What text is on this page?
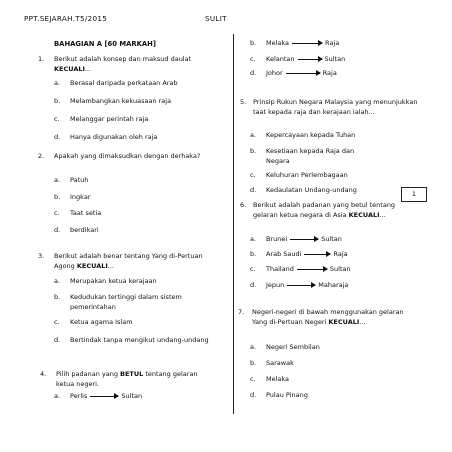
PPT.SEJARAH.T5/2015	SULIT
BAHAGIAN A [60 MARKAH]
1. Berikut adalah konsep dan maksud daulat KECUALI...
a. Berasal daripada perkataan Arab
b. Melambangkan kekuasaan raja
c. Melanggar perintah raja
d. Hanya digunakan oleh raja
2. Apakah yang dimaksudkan dengan derhaka?
a. Patuh
b. Ingkar
c. Taat setia
d. berdikari
3. Berikut adalah benar tentang Yang di-Pertuan Agong KECUALI...
a. Merupakan ketua kerajaan
b. Kedudukan tertinggi dalam sistem pemerintahan
c. Ketua agama Islam
d. Bertindak tanpa mengikut undang-undang
4. Pilih padanan yang BETUL tentang gelaran ketua negeri.
a. Perlis	Sultan
b. Melaka	Raja
c. Kelantan	Sultan
d. Johor	Raja
5. Prinsip Rukun Negara Malaysia yang menunjukkan taat kepada raja dan kerajaan ialah...
a. Kepercayaan kepada Tuhan
b. Kesetiaan kepada Raja dan Negara
c. Keluhuran Perlembagaan
d. Kedaulatan Undang-undang	1
6. Berikut adalah padanan yang betul tentang gelaran ketua negara di Asia KECUALI...
a. Brunei	Sultan
b. Arab Saudi	Raja
c. Thailand	Sultan
d. Jepun	Maharaja
7. Negeri-negeri di bawah menggunakan gelaran Yang di-Pertuan Negeri KECUALI...
a. Negeri Sembilan
b. Sarawak
c. Melaka
d. Pulau Pinang
